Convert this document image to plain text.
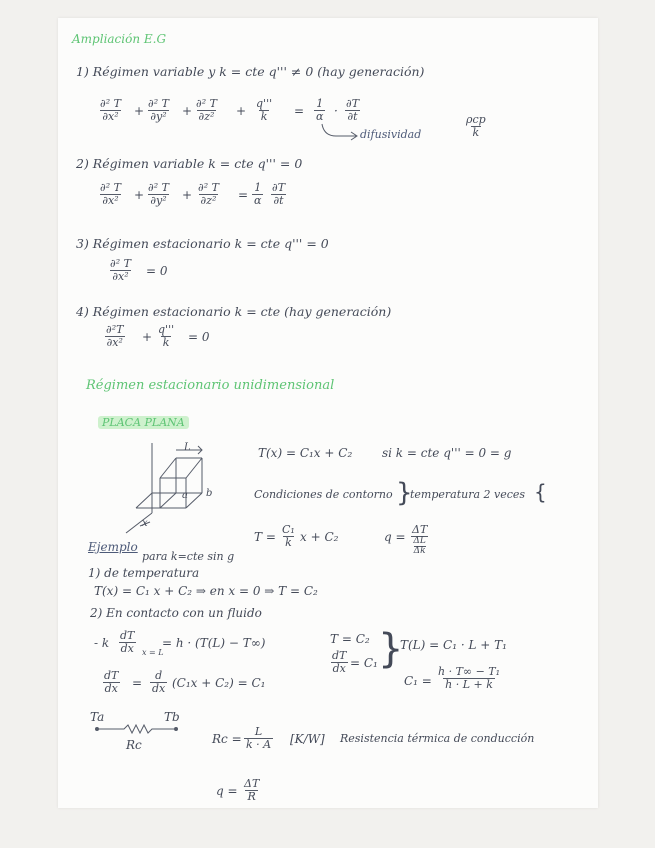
Ampliación E.G
1) Régimen variable y k = cte q''' ≠ 0 (hay generación)
$\frac{\text{∂² T}}{\text{∂x²}} + \frac{\text{∂² T}}{\text{∂y²}} + \frac{\text{∂² T}}{\text{∂z²}} + \frac{q'''}{k} = \frac{1}{\alpha} \cdot \frac{\partial T}{\partial t}$
difusividad
ρcp
k
2) Régimen variable k = cte q''' = 0
$\frac{\text{∂² T}}{\text{∂x²}} + \frac{\text{∂² T}}{\text{∂y²}} + \frac{\text{∂² T}}{\text{∂z²}} = \frac{1}{\alpha} \frac{\partial T}{\partial t}$
3) Régimen estacionario k = cte q''' = 0
$\frac{\text{∂² T}}{\text{∂x²}} = 0$
4) Régimen estacionario k = cte (hay generación)
$\frac{\text{∂²T}}{\text{∂x²}} + \frac{q'''}{k} = 0$
Régimen estacionario unidimensional
PLACA PLANA
L
a b
x
T(x) = C₁x + C₂ si k = cte q''' = 0 = g
Condiciones de contorno }
temperatura 2 veces {
$T = \frac{\text{C₁}}{k}$ x + C₂	q =
ΔT
ΔL
Δk
Ejemplo
para k=cte sin g
1) de temperatura
T(x) = C₁ x + C₂ ⇒ en x = 0 ⇒ T = C₂
2) En contacto con un fluido
- k $\frac{dT}{dx}$ x = L
= h · (T(L) − T∞)	T = C₂
$\frac{dT}{dx} = C_1$ }
T(L) = C₁ · L + T₁
$C_1 = \frac{\text{h · T∞ − T₁}}{h \cdot L + k}$
$\frac{dT}{dx} = \frac{d}{dx} (C_1x + C_2) = C_1$
Ta	Tb
Rc	$Rc = \frac{L}{k \cdot A} [K/W]$ Resistencia térmica de conducción
$q = \frac{\Delta T}{R}$
